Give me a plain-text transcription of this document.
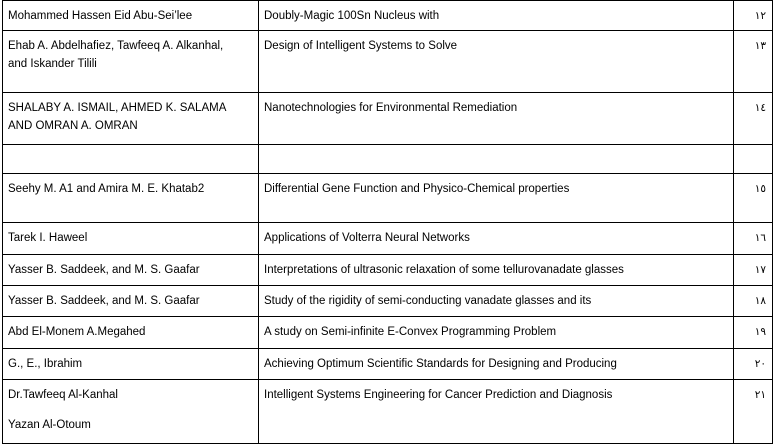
Mohammed Hassen Eid Abu-Sei’lee	Doubly-Magic 100Sn Nucleus with	١٢

Ehab A. Abdelhafiez, Tawfeeq A. Alkanhal,
and Iskander Tilili	Design of Intelligent Systems to Solve	١٣

SHALABY A. ISMAIL, AHMED K. SALAMA
AND OMRAN A. OMRAN	Nanotechnologies for Environmental Remediation	١٤

Seehy M. A1 and Amira M. E. Khatab2	Differential Gene Function and Physico-Chemical properties	١٥

Tarek I. Haweel	Applications of Volterra Neural Networks	١٦

Yasser B. Saddeek, and M. S. Gaafar	Interpretations of ultrasonic relaxation of some tellurovanadate glasses	١٧

Yasser B. Saddeek, and M. S. Gaafar	Study of the rigidity of semi-conducting vanadate glasses and its	١٨

Abd El-Monem A.Megahed	A study on Semi-infinite E-Convex Programming Problem	١٩

G., E., Ibrahim	Achieving Optimum Scientific Standards for Designing and Producing	٢٠

Dr.Tawfeeq Al-Kanhal
Yazan Al-Otoum	Intelligent Systems Engineering for Cancer Prediction and Diagnosis	٢١
